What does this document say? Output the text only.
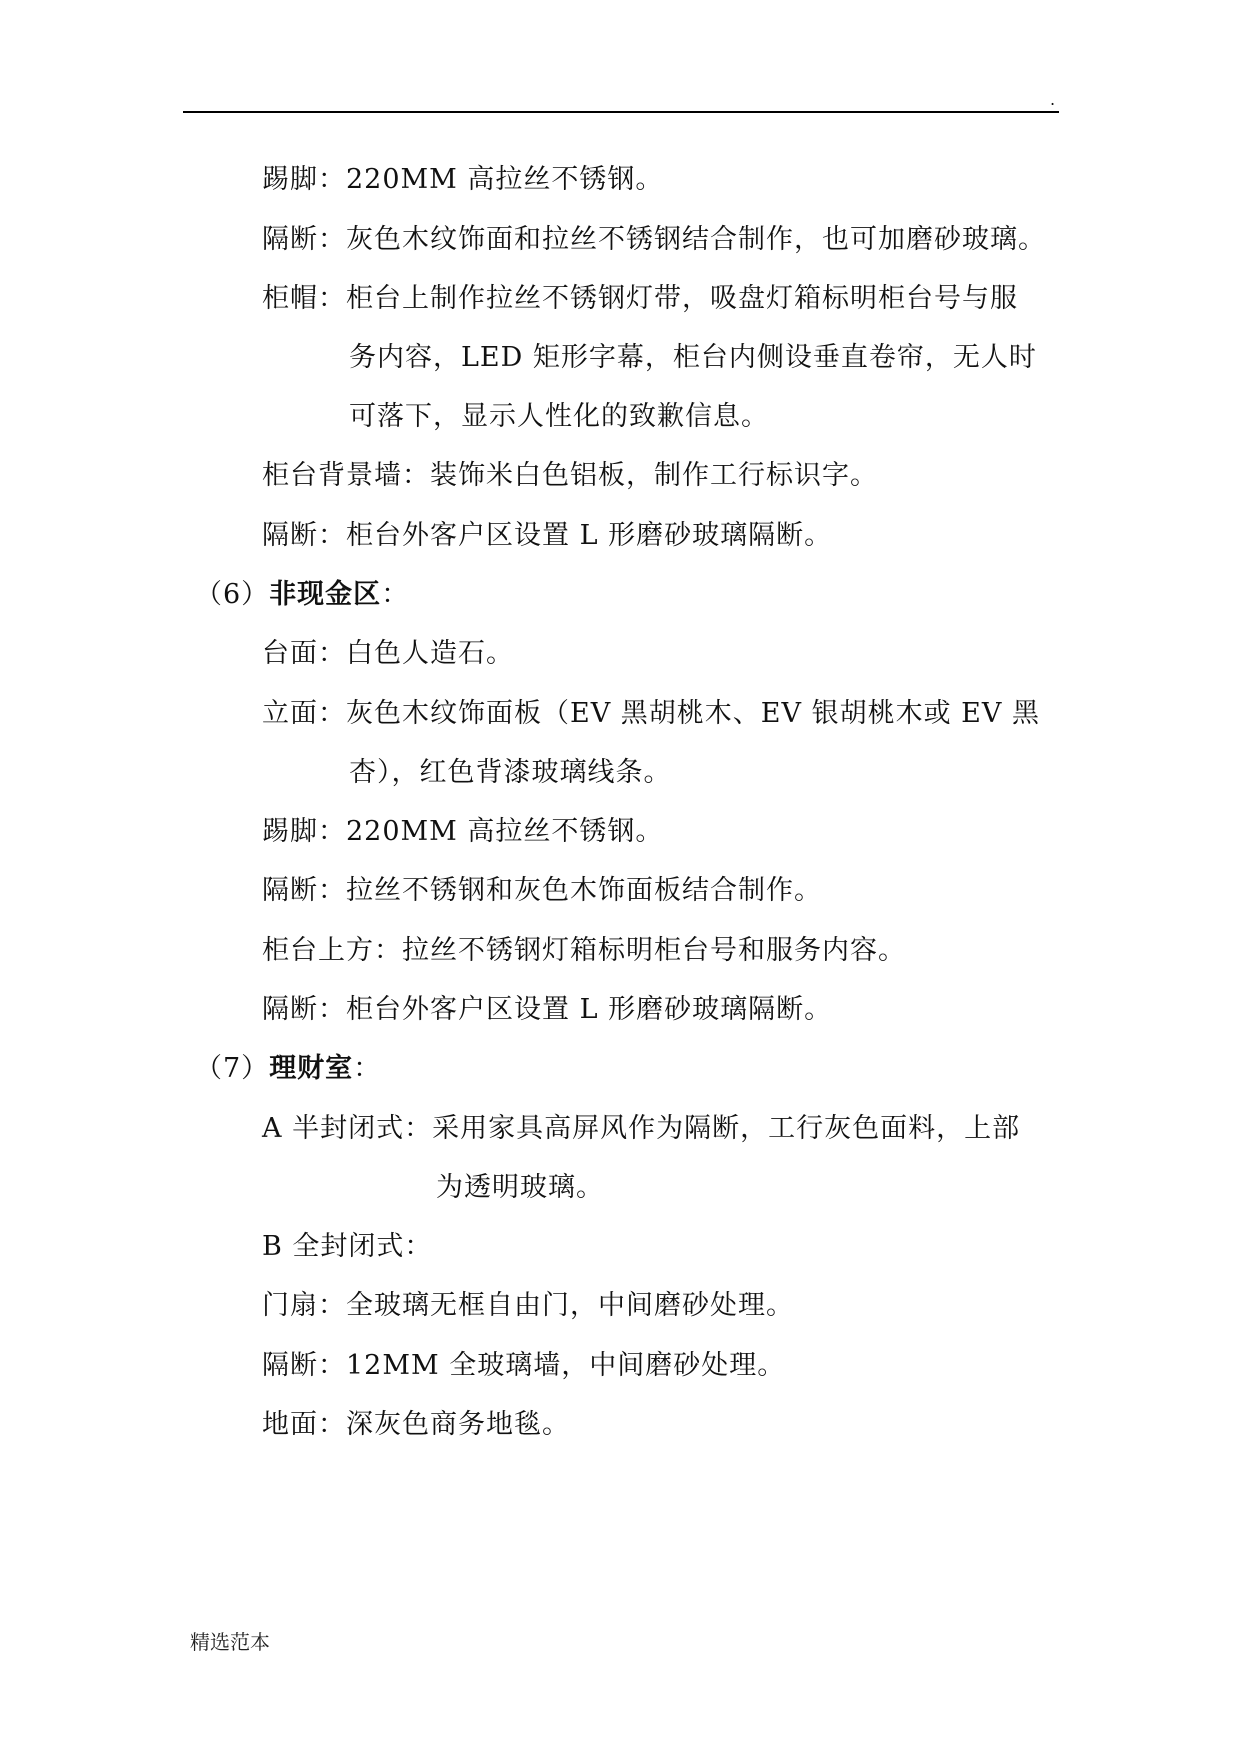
.
踢脚：220MM 高拉丝不锈钢。
隔断：灰色木纹饰面和拉丝不锈钢结合制作，也可加磨砂玻璃。
柜帽：柜台上制作拉丝不锈钢灯带，吸盘灯箱标明柜台号与服
务内容，LED 矩形字幕，柜台内侧设垂直卷帘，无人时
可落下，显示人性化的致歉信息。
柜台背景墙：装饰米白色铝板，制作工行标识字。
隔断：柜台外客户区设置 L 形磨砂玻璃隔断。
（6）非现金区：
台面：白色人造石。
立面：灰色木纹饰面板（EV 黑胡桃木、EV 银胡桃木或 EV 黑
杏），红色背漆玻璃线条。
踢脚：220MM 高拉丝不锈钢。
隔断：拉丝不锈钢和灰色木饰面板结合制作。
柜台上方：拉丝不锈钢灯箱标明柜台号和服务内容。
隔断：柜台外客户区设置 L 形磨砂玻璃隔断。
（7）理财室：
A 半封闭式：采用家具高屏风作为隔断，工行灰色面料，上部
为透明玻璃。
B 全封闭式：
门扇：全玻璃无框自由门，中间磨砂处理。
隔断：12MM 全玻璃墙，中间磨砂处理。
地面：深灰色商务地毯。
精选范本
